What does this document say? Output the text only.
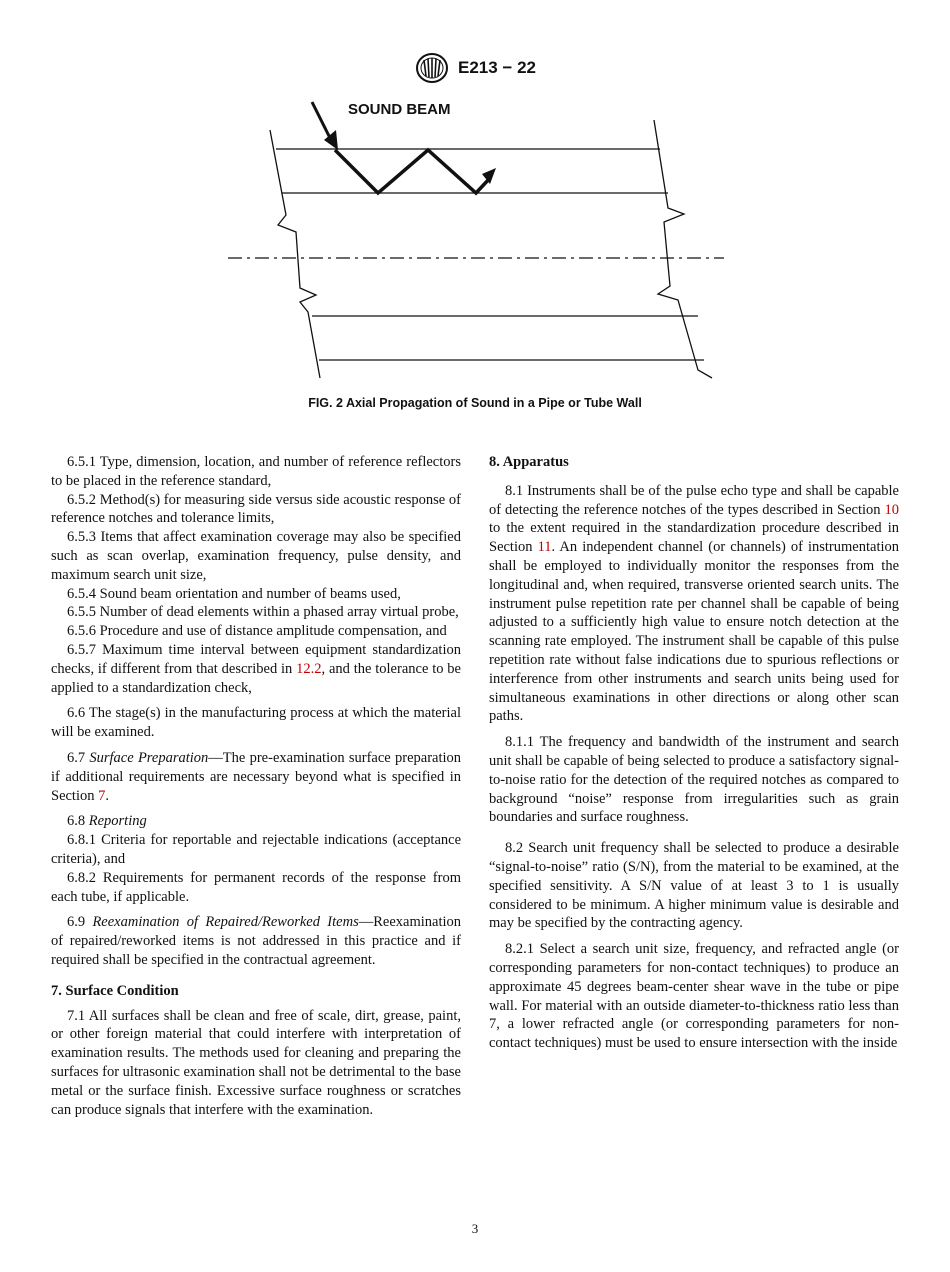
E213 − 22
SOUND BEAM
FIG. 2 Axial Propagation of Sound in a Pipe or Tube Wall

6.5.1 Type, dimension, location, and number of reference reflectors to be placed in the reference standard,

6.5.2 Method(s) for measuring side versus side acoustic response of reference notches and tolerance limits,

6.5.3 Items that affect examination coverage may also be specified such as scan overlap, examination frequency, pulse density, and maximum search unit size,

6.5.4 Sound beam orientation and number of beams used,

6.5.5 Number of dead elements within a phased array virtual probe,

6.5.6 Procedure and use of distance amplitude compensation, and

6.5.7 Maximum time interval between equipment standardization checks, if different from that described in 12.2, and the tolerance to be applied to a standardization check,

6.6 The stage(s) in the manufacturing process at which the material will be examined.

6.7 Surface Preparation—The pre-examination surface preparation if additional requirements are necessary beyond what is specified in Section 7.

6.8 Reporting

6.8.1 Criteria for reportable and rejectable indications (acceptance criteria), and

6.8.2 Requirements for permanent records of the response from each tube, if applicable.

6.9 Reexamination of Repaired/Reworked Items—Reexamination of repaired/reworked items is not addressed in this practice and if required shall be specified in the contractual agreement.

7. Surface Condition

7.1 All surfaces shall be clean and free of scale, dirt, grease, paint, or other foreign material that could interfere with interpretation of examination results. The methods used for cleaning and preparing the surfaces for ultrasonic examination shall not be detrimental to the base metal or the surface finish. Excessive surface roughness or scratches can produce signals that interfere with the examination.

8. Apparatus

8.1 Instruments shall be of the pulse echo type and shall be capable of detecting the reference notches of the types described in Section 10 to the extent required in the standardization procedure described in Section 11. An independent channel (or channels) of instrumentation shall be employed to individually monitor the responses from the longitudinal and, when required, transverse oriented search units. The instrument pulse repetition rate per channel shall be capable of being adjusted to a sufficiently high value to ensure notch detection at the scanning rate employed. The instrument shall be capable of this pulse repetition rate without false indications due to spurious reflections or interference from other instruments and search units being used for simultaneous examinations in other directions or along other scan paths.

8.1.1 The frequency and bandwidth of the instrument and search unit shall be capable of being selected to produce a satisfactory signal-to-noise ratio for the detection of the required notches as compared to background “noise” response from irregularities such as grain boundaries and surface roughness.

8.2 Search unit frequency shall be selected to produce a desirable “signal-to-noise” ratio (S/N), from the material to be examined, at the specified sensitivity. A S/N value of at least 3 to 1 is usually considered to be minimum. A higher minimum value is desirable and may be specified by the contracting agency.

8.2.1 Select a search unit size, frequency, and refracted angle (or corresponding parameters for non-contact techniques) to produce an approximate 45 degrees beam-center shear wave in the tube or pipe wall. For material with an outside diameter-to-thickness ratio less than 7, a lower refracted angle (or corresponding parameters for non-contact techniques) must be used to ensure intersection with the inside

3
